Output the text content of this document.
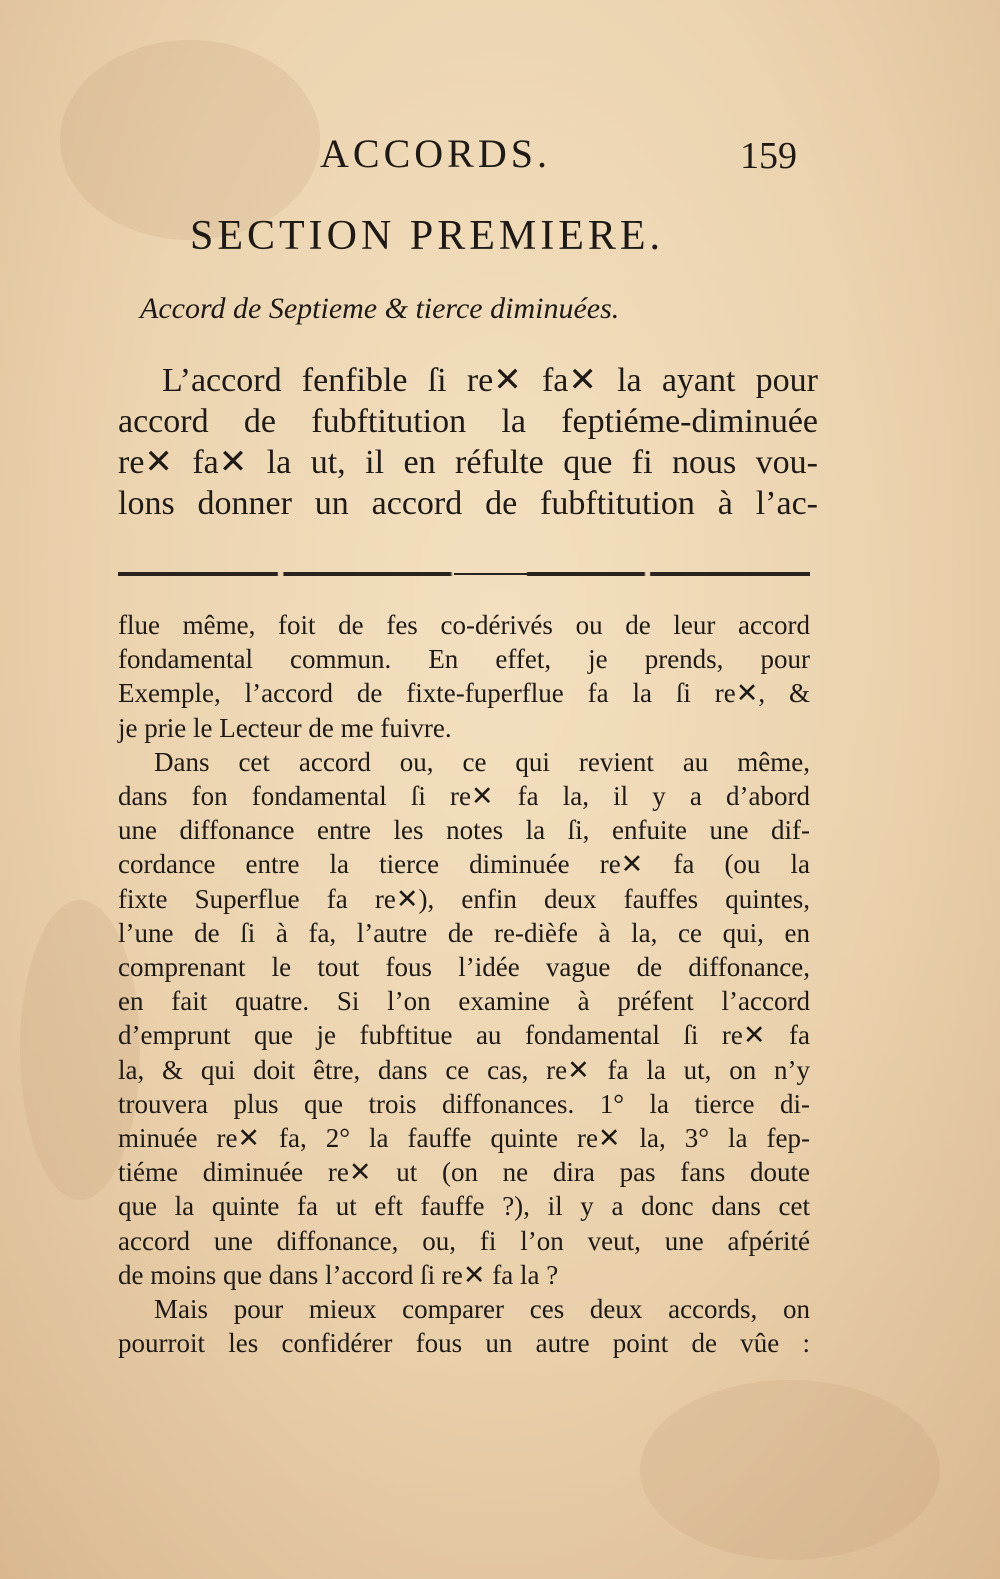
ACCORDS.	159
SECTION PREMIERE.
Accord de Septieme & tierce diminuées.
L’accord fenfible ſi re✕ fa✕ la ayant pour
accord de fubftitution la feptiéme-diminuée
re✕ fa✕ la ut, il en réfulte que fi nous vou-
lons donner un accord de fubftitution à l’ac-
flue même, foit de fes co-dérivés ou de leur accord
fondamental commun. En effet, je prends, pour
Exemple, l’accord de fixte-fuperflue fa la ſi re✕, &
je prie le Lecteur de me fuivre.
Dans cet accord ou, ce qui revient au même,
dans fon fondamental ſi re✕ fa la, il y a d’abord
une diffonance entre les notes la ſi, enfuite une dif-
cordance entre la tierce diminuée re✕ fa (ou la
fixte Superflue fa re✕), enfin deux fauffes quintes,
l’une de ſi à fa, l’autre de re-dièfe à la, ce qui, en
comprenant le tout fous l’idée vague de diffonance,
en fait quatre. Si l’on examine à préfent l’accord
d’emprunt que je fubftitue au fondamental ſi re✕ fa
la, & qui doit être, dans ce cas, re✕ fa la ut, on n’y
trouvera plus que trois diffonances. 1° la tierce di-
minuée re✕ fa, 2° la fauffe quinte re✕ la, 3° la fep-
tiéme diminuée re✕ ut (on ne dira pas fans doute
que la quinte fa ut eft fauffe ?), il y a donc dans cet
accord une diffonance, ou, fi l’on veut, une afpérité
de moins que dans l’accord ſi re✕ fa la ?
Mais pour mieux comparer ces deux accords, on
pourroit les confidérer fous un autre point de vûe :
